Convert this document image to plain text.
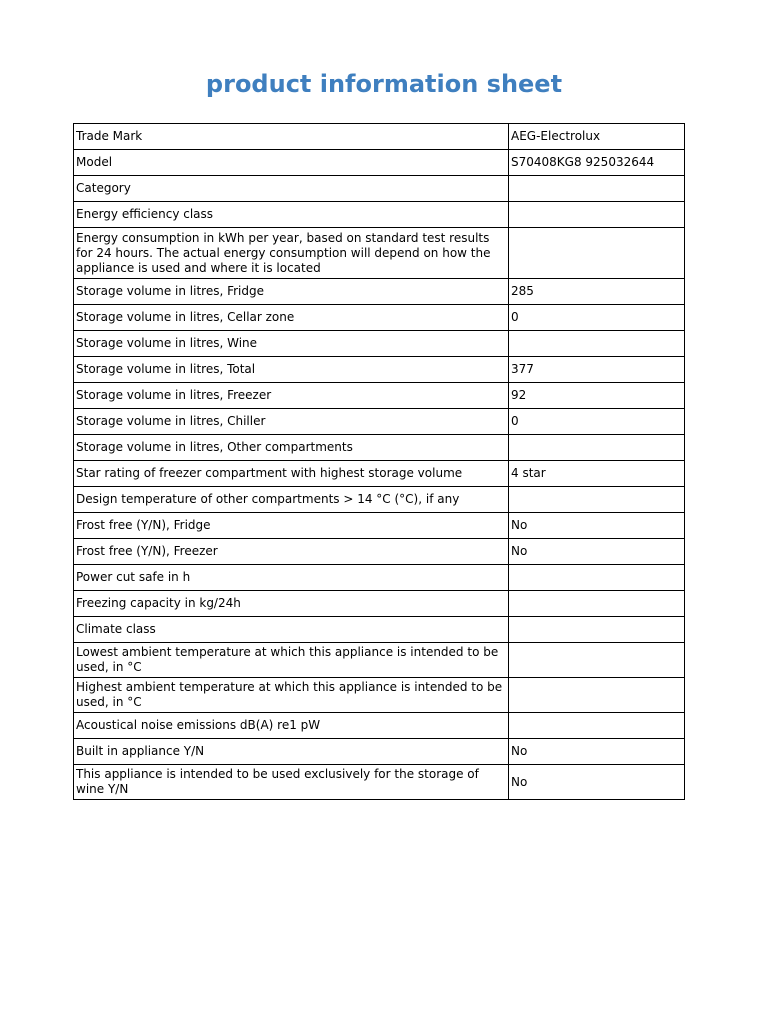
product information sheet
Trade Mark	AEG-Electrolux
Model	S70408KG8 925032644
Category	
Energy efficiency class	
Energy consumption in kWh per year, based on standard test results for 24 hours. The actual energy consumption will depend on how the appliance is used and where it is located	
Storage volume in litres, Fridge	285
Storage volume in litres, Cellar zone	0
Storage volume in litres, Wine	
Storage volume in litres, Total	377
Storage volume in litres, Freezer	92
Storage volume in litres, Chiller	0
Storage volume in litres, Other compartments	
Star rating of freezer compartment with highest storage volume	4 star
Design temperature of other compartments > 14 °C (°C), if any	
Frost free (Y/N), Fridge	No
Frost free (Y/N), Freezer	No
Power cut safe in h	
Freezing capacity in kg/24h	
Climate class	
Lowest ambient temperature at which this appliance is intended to be used, in °C	
Highest ambient temperature at which this appliance is intended to be used, in °C	
Acoustical noise emissions dB(A) re1 pW	
Built in appliance Y/N	No
This appliance is intended to be used exclusively for the storage of wine Y/N	No
